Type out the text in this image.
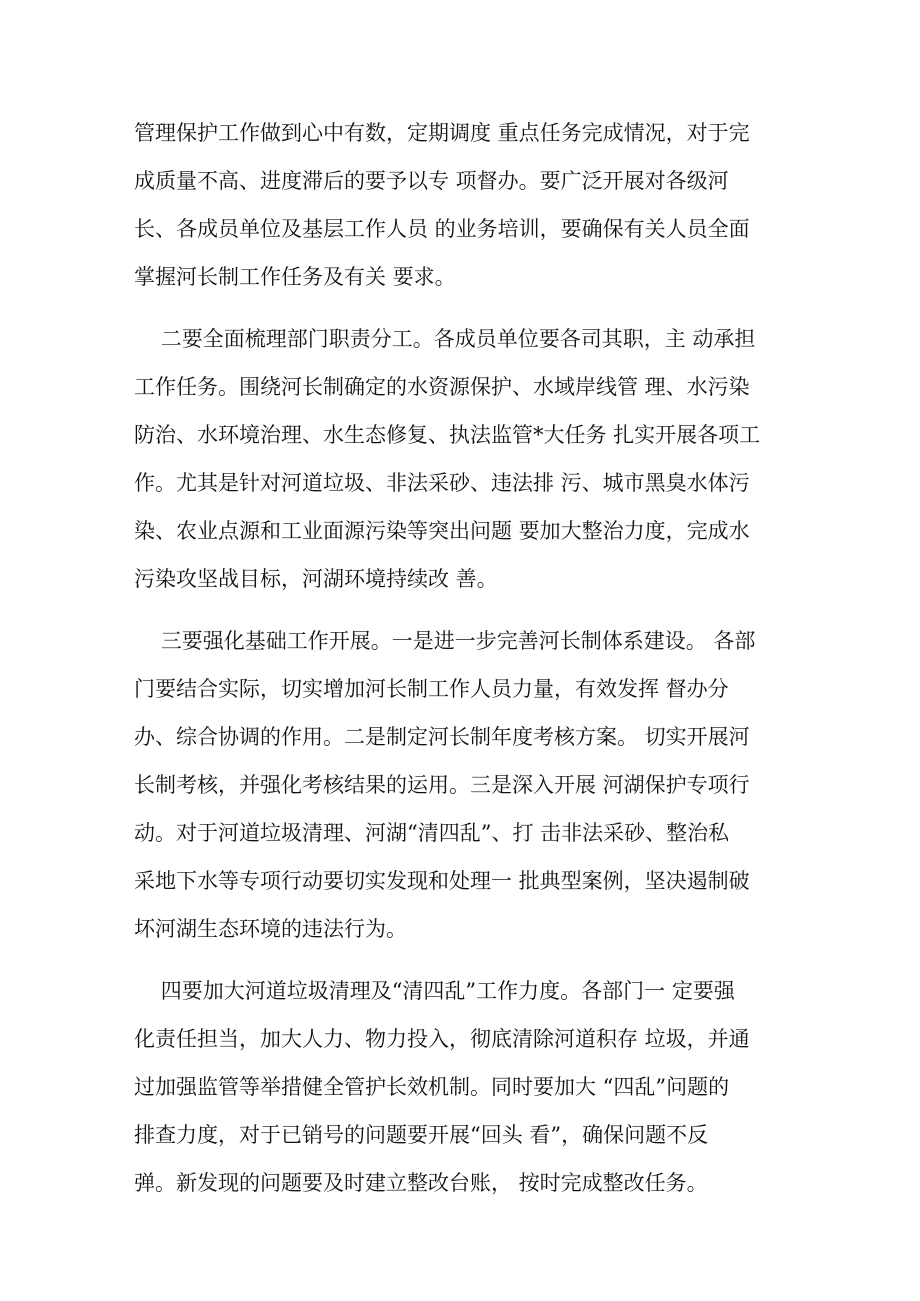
管理保护工作做到心中有数，定期调度 重点任务完成情况，对于完
成质量不高、进度滞后的要予以专 项督办。要广泛开展对各级河
长、各成员单位及基层工作人员 的业务培训，要确保有关人员全面
掌握河长制工作任务及有关 要求。
二要全面梳理部门职责分工。各成员单位要各司其职，主 动承担
工作任务。围绕河长制确定的水资源保护、水域岸线管 理、水污染
防治、水环境治理、水生态修复、执法监管*大任务 扎实开展各项工
作。尤其是针对河道垃圾、非法采砂、违法排 污、城市黑臭水体污
染、农业点源和工业面源污染等突出问题 要加大整治力度，完成水
污染攻坚战目标，河湖环境持续改 善。
三要强化基础工作开展。一是进一步完善河长制体系建设。 各部
门要结合实际，切实增加河长制工作人员力量，有效发挥 督办分
办、综合协调的作用。二是制定河长制年度考核方案。 切实开展河
长制考核，并强化考核结果的运用。三是深入开展 河湖保护专项行
动。对于河道垃圾清理、河湖“清四乱”、打 击非法采砂、整治私
采地下水等专项行动要切实发现和处理一 批典型案例，坚决遏制破
坏河湖生态环境的违法行为。
四要加大河道垃圾清理及“清四乱”工作力度。各部门一 定要强
化责任担当，加大人力、物力投入，彻底清除河道积存 垃圾，并通
过加强监管等举措健全管护长效机制。同时要加大 “四乱”问题的
排查力度，对于已销号的问题要开展“回头 看”，确保问题不反
弹。新发现的问题要及时建立整改台账， 按时完成整改任务。
